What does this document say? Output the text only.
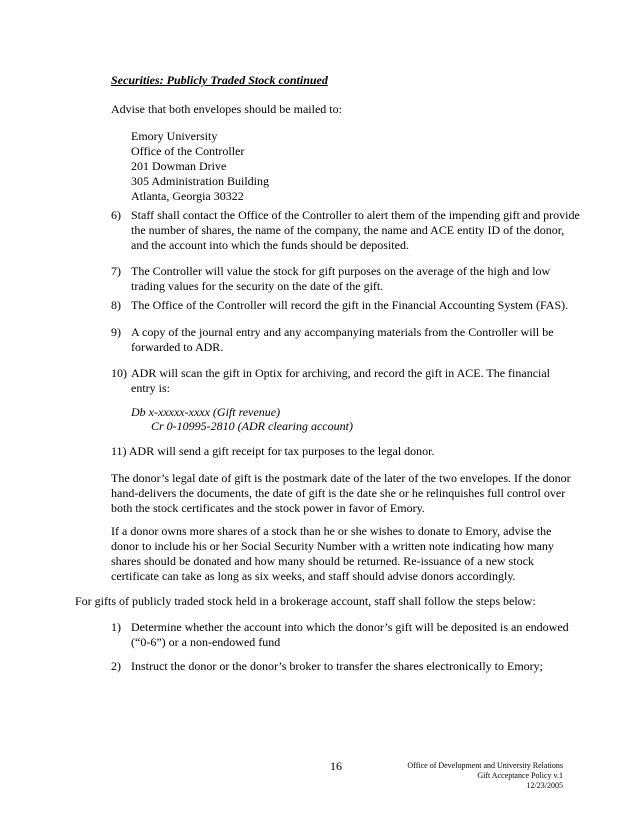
Securities: Publicly Traded Stock continued
Advise that both envelopes should be mailed to:
Emory University
Office of the Controller
201 Dowman Drive
305 Administration Building
Atlanta, Georgia 30322
6) Staff shall contact the Office of the Controller to alert them of the impending gift and provide
the number of shares, the name of the company, the name and ACE entity ID of the donor,
and the account into which the funds should be deposited.
7) The Controller will value the stock for gift purposes on the average of the high and low
trading values for the security on the date of the gift.
8) The Office of the Controller will record the gift in the Financial Accounting System (FAS).
9) A copy of the journal entry and any accompanying materials from the Controller will be
forwarded to ADR.
10) ADR will scan the gift in Optix for archiving, and record the gift in ACE. The financial
entry is:
Db x-xxxxx-xxxx (Gift revenue)
Cr 0-10995-2810 (ADR clearing account)
11) ADR will send a gift receipt for tax purposes to the legal donor.
The donor’s legal date of gift is the postmark date of the later of the two envelopes. If the donor
hand-delivers the documents, the date of gift is the date she or he relinquishes full control over
both the stock certificates and the stock power in favor of Emory.
If a donor owns more shares of a stock than he or she wishes to donate to Emory, advise the
donor to include his or her Social Security Number with a written note indicating how many
shares should be donated and how many should be returned. Re-issuance of a new stock
certificate can take as long as six weeks, and staff should advise donors accordingly.
For gifts of publicly traded stock held in a brokerage account, staff shall follow the steps below:
1) Determine whether the account into which the donor’s gift will be deposited is an endowed
(“0-6”) or a non-endowed fund
2) Instruct the donor or the donor’s broker to transfer the shares electronically to Emory;
16	Office of Development and University Relations
Gift Acceptance Policy v.1
12/23/2005
